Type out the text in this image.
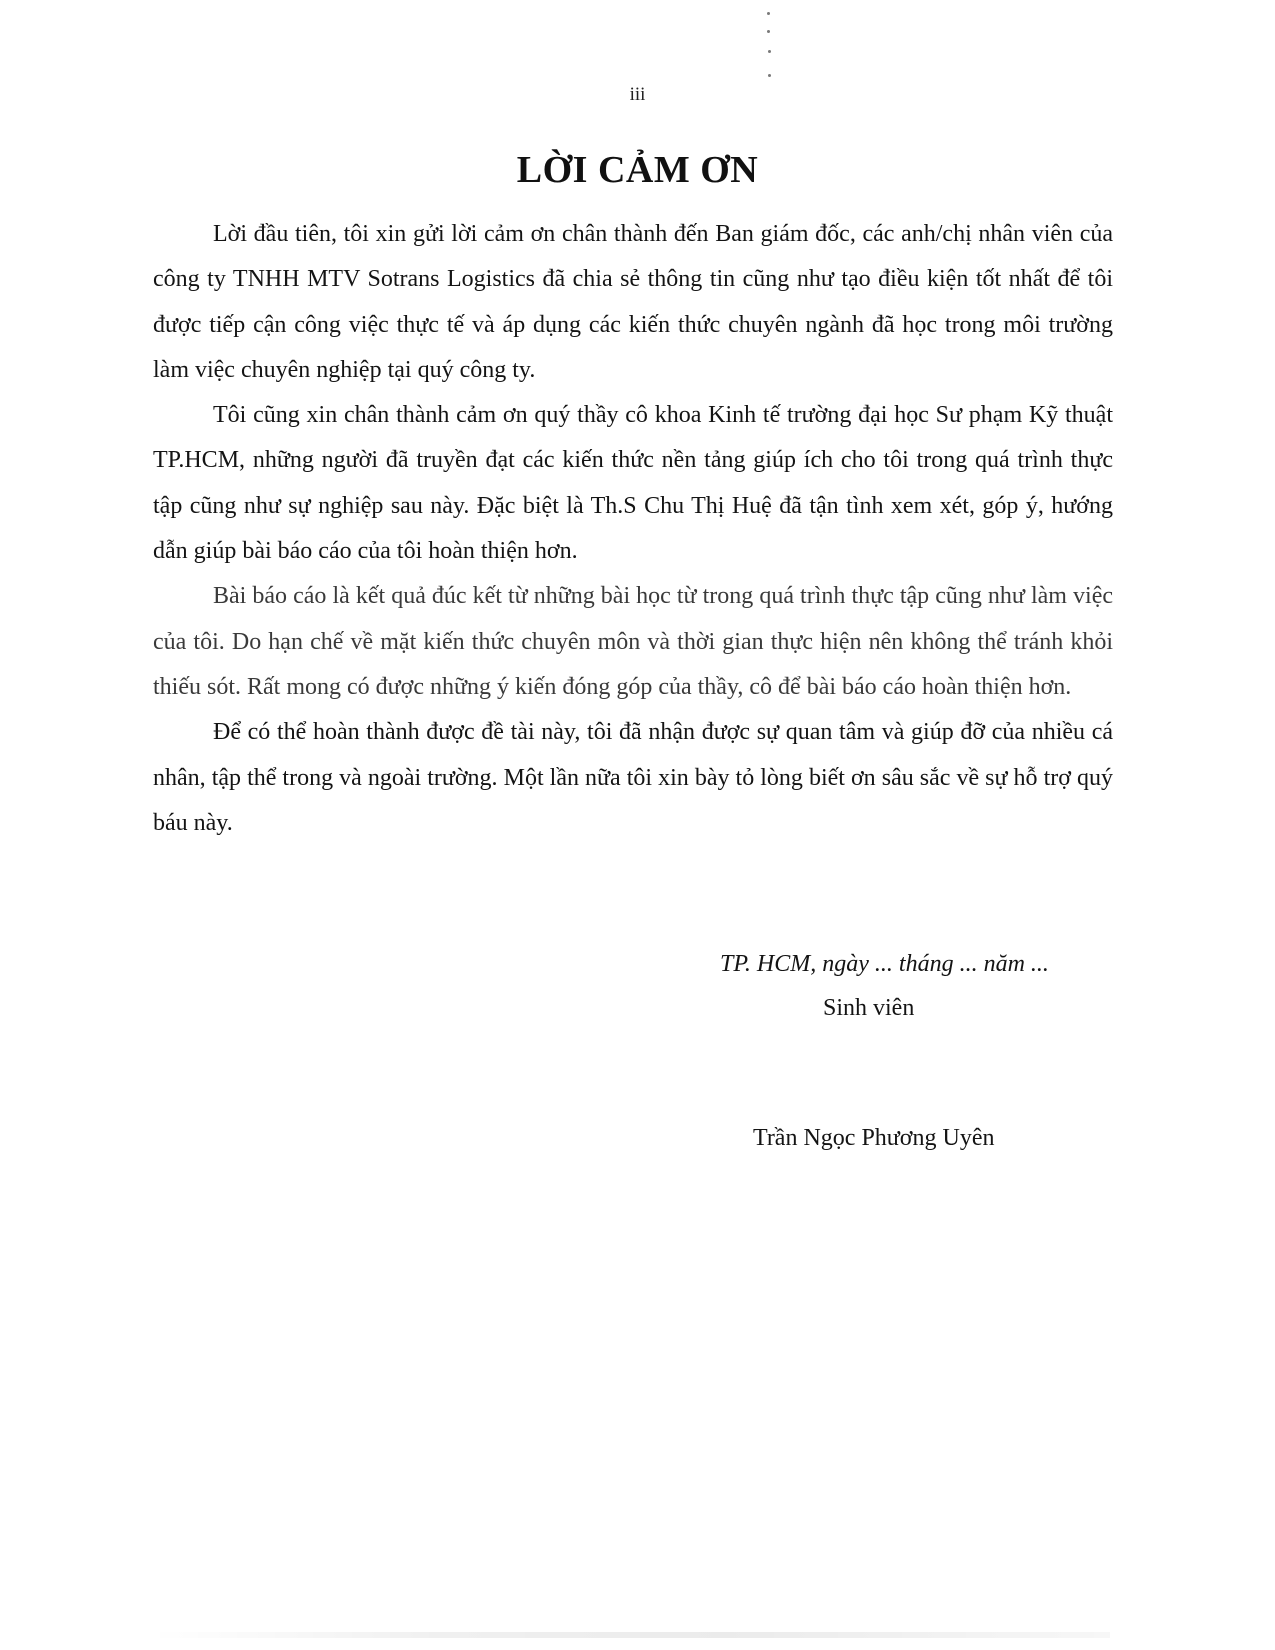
iii
LỜI CẢM ƠN

Lời đầu tiên, tôi xin gửi lời cảm ơn chân thành đến Ban giám đốc, các anh/chị nhân viên của công ty TNHH MTV Sotrans Logistics đã chia sẻ thông tin cũng như tạo điều kiện tốt nhất để tôi được tiếp cận công việc thực tế và áp dụng các kiến thức chuyên ngành đã học trong môi trường làm việc chuyên nghiệp tại quý công ty.

Tôi cũng xin chân thành cảm ơn quý thầy cô khoa Kinh tế trường đại học Sư phạm Kỹ thuật TP.HCM, những người đã truyền đạt các kiến thức nền tảng giúp ích cho tôi trong quá trình thực tập cũng như sự nghiệp sau này. Đặc biệt là Th.S Chu Thị Huệ đã tận tình xem xét, góp ý, hướng dẫn giúp bài báo cáo của tôi hoàn thiện hơn.

Bài báo cáo là kết quả đúc kết từ những bài học từ trong quá trình thực tập cũng như làm việc của tôi. Do hạn chế về mặt kiến thức chuyên môn và thời gian thực hiện nên không thể tránh khỏi thiếu sót. Rất mong có được những ý kiến đóng góp của thầy, cô để bài báo cáo hoàn thiện hơn.

Để có thể hoàn thành được đề tài này, tôi đã nhận được sự quan tâm và giúp đỡ của nhiều cá nhân, tập thể trong và ngoài trường. Một lần nữa tôi xin bày tỏ lòng biết ơn sâu sắc về sự hỗ trợ quý báu này.

TP. HCM, ngày ... tháng ... năm ...
Sinh viên
Trần Ngọc Phương Uyên
